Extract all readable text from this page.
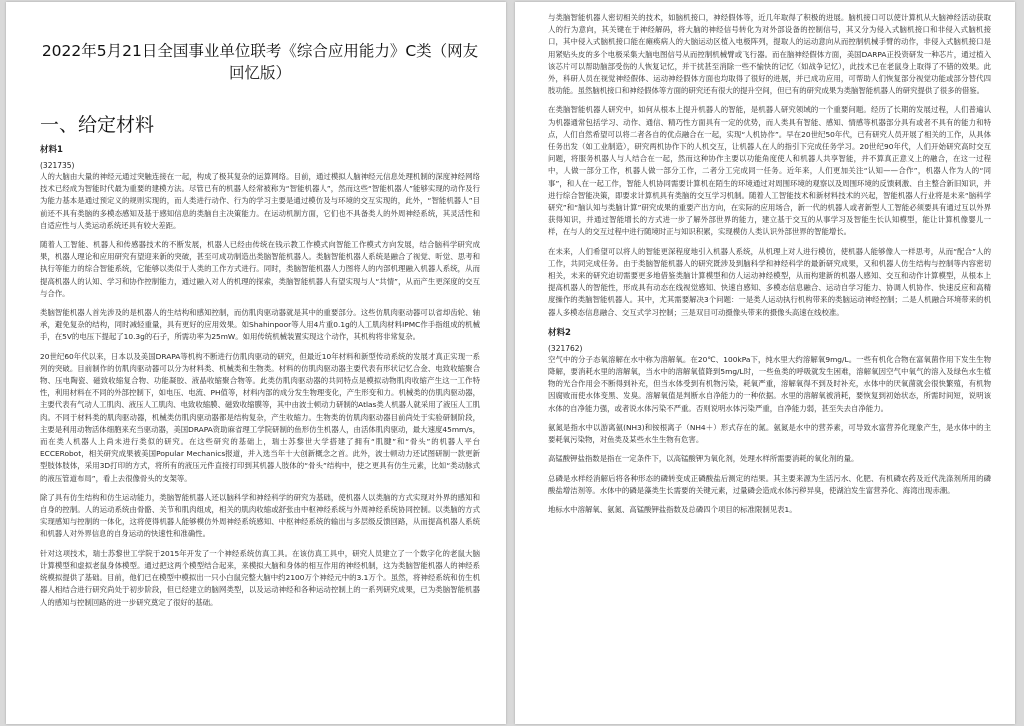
2022年5月21日全国事业单位联考《综合应用能力》C类（网友回忆版）
一、给定材料
材料1
(321735)

人的大脑由大量的神经元通过突触连接在一起，构成了极其复杂的运算网络。目前，通过模拟人脑神经元信息处理机制的深度神经网络技术已经成为智能时代最为重要的建模方法。尽管已有的机器人经常被称为“智能机器人”，然而这些“智能机器人”能够实现的动作及行为能力基本是通过预定义的规则实现的，而人类进行动作、行为的学习主要是通过模仿及与环境的交互实现的，此外，“智能机器人”目前还不具有类脑的多模态感知及基于感知信息的类脑自主决策能力。在运动机制方面，它们也不具备类人的外周神经系统，其灵活性和自适应性与人类运动系统还具有较大差距。

随着人工智能、机器人和传感器技术的不断发展，机器人已经由传统在钱示教工作模式向智能工作模式方向发展，结合脑科学研究成果，机器人理论和应用研究有望迎来新的突破，甚至可成功制造出类脑智能机器人。类脑智能机器人系统是融合了视觉、听觉、思考和执行等能力的综合智能系统，它能够以类似于人类的工作方式进行。同时，类脑智能机器人力图将人的内部机理融入机器人系统，从而提高机器人的认知、学习和协作控制能力，通过融入对人的机理的探索，类脑智能机器人有望实现与人“共情”，从而产生更深度的交互与合作。

类脑智能机器人首先涉及的是机器人的生结构和感知控制，而仿肌肉驱动器就是其中的重要部分。这些仿肌肉驱动器可以省却齿轮、轴承，避免复杂的结构，同时减轻重量，具有更好的应用效果。如Shahinpoor等人用4片重0.1g的人工肌肉材料IPMC作手指组成的机械手，在5V的电压下提起了10.3g的石子，所需功率为25mW。如用传统机械装置实现这个动作，其机构将非常复杂。

20世纪60年代以来，日本以及美国DRAPA等机构不断进行仿肌肉驱动的研究，但最近10年材料和新型传动系统的发展才真正实现一系列的突破。目前制作的仿肌肉驱动器可以分为材料类、机械类和生物类。材料的仿肌肉驱动器主要代表有形状记忆合金、电致收缩聚合物、压电陶瓷、磁致收缩复合物、功能凝胶、液晶收缩聚合物等。此类仿肌肉驱动器的共同特点是模拟动物肌肉收缩产生这一工作特性，利用材料在不同的外部控制下，如电压、电流、PH值等，材料内部的成分发生物理变化，产生形变和力。机械类的仿肌肉驱动器，主要代表有气动人工肌肉、液压人工肌肉、电致收缩膜、磁致收缩膜等，其中由波士顿动力研制的Atlas类人机器人就采用了液压人工肌肉。不同于材料类的肌肉驱动器，机械类仿肌肉驱动器都是结构复杂，产生收缩力。生物类的仿肌肉驱动器目前尚处于实验研制阶段，主要是利用动物活体细胞来充当驱动器，美国DRAPA资助麻省理工学院研制的鱼形仿生机器人，由活体肌肉驱动，最大速度45mm/s，而在类人机器人上尚未进行类似的研究。在这些研究的基础上，瑞士苏黎世大学搭建了拥有“肌腱”和“骨头”的机器人平台ECCERobot，相关研究成果被美国Popular Mechanics报道，并入选当年十大创新概念之首。此外，波士顿动力还试图研制一款更新型肢体肢体，采用3D打印的方式，将所有的液压元件直接打印到其机器人肢体的“骨头”结构中，使之更具有仿生元素，比如“类动脉式的液压管道布局”，看上去很像骨头的支架等。

除了具有仿生结构和仿生运动能力，类脑智能机器人还以脑科学和神经科学的研究为基础，使机器人以类脑的方式实现对外界的感知和自身的控制。人的运动系统由骨骼、关节和肌肉组成，相关的肌肉收缩或舒张由中枢神经系统与外周神经系统协同控制。以类脑的方式实现感知与控制的一体化，这将使得机器人能够模仿外周神经系统感知、中枢神经系统的输出与多层级反馈回路，从而提高机器人系统和机器人对外界信息的自身运动的快速性和准确性。

针对这项技术，瑞士苏黎世工学院于2015年开发了一个神经系统仿真工具。在该仿真工具中，研究人员建立了一个数字化的老鼠大脑计算模型和虚拟老鼠身体模型。通过把这两个模型结合起来，来模拟大脑和身体的相互作用的神经机制，这为类脑智能机器人的神经系统模拟提供了基础。目前，他们已在模型中模拟出一只小白鼠完整大脑中约2100万个神经元中的3.1万个。虽然，将神经系统和仿生机器人相结合进行研究尚处于初步阶段，但已经建立的脑网类型，以及运动神经和各种运动控制上的一系列研究成果，已为类脑智能机器人的感知与控制回路的进一步研究奠定了很好的基础。

与类脑智能机器人密切相关的技术，如脑机接口，神经假体等，近几年取得了积极的进展。脑机接口可以使计算机从大脑神经活动获取人的行为意向，其关键在于神经解码，将大脑的神经信号转化为对外部设备的控制信号，其又分为侵入式脑机接口和非侵入式脑机接口，其中侵入式脑机接口能在瘫痪病人的大脑运动区植入电极阵列，提取人的运动意向从而控制机械手臂的动作，非侵入式脑机接口是用紧贴头皮的多个电极采集大脑电图信号从而控制机械臂或飞行器。而在脑神经假体方面，美国DARPA正投资研发一种芯片，通过植入该芯片可以帮助脑部受伤的人恢复记忆，并干扰甚至消除一些不愉快的记忆（如战争记忆），此技术已在老鼠身上取得了不错的效果。此外，科研人员在视觉神经假体、运动神经假体方面也均取得了很好的进展，并已成功应用，可帮助人们恢复部分视觉功能或部分替代四肢功能。虽然脑机接口和神经假体等方面的研究还有很大的提升空间，但已有的研究成果为类脑智能机器人的研究提供了很多的借鉴。

在类脑智能机器人研究中，如何从根本上提升机器人的智能，是机器人研究领域的一个重要问题。经历了长期的发展过程，人们普遍认为机器通常包括学习、动作、通信、精巧性方面具有一定的优势，而人类具有智能、感知、情感等机器部分具有或者不具有的能力和特点，人们自然希望可以将二者各自的优点融合在一起，实现“人机协作”。早在20世纪50年代，已有研究人员开展了相关的工作，从具体任务出发（如工业制造），研究两机协作下的人机交互，让机器人在人的指引下完成任务学习。20世纪90年代，人们开始研究高时交互问题，将服务机器人与人结合在一起，然而这种协作主要以功能角度使人和机器人共享智能，并不算真正意义上的融合，在这一过程中，人做一部分工作，机器人做一部分工作，二者分工完成同一任务。近年来，人们更加关注“认知——合作”，机器人作为人的“同事”，和人在一起工作，智能人机协同需要计算机在陌生的环境通过对周围环境的观察以及周围环境的反馈刺激、自主整合新旧知识，并进行综合智能决策，即要求计算机具有类脑的交互学习机制。随着人工智能技术和新材料技术的兴起，智能机器人行业将是未来“脑科学研究”和“脑认知与类脑计算”研究成果的重要产出方向，在实际的应用场合，新一代的机器人或者新型人工智能必须要具有通过互以外界获得知识，并通过智能增长的方式进一步了解外部世界的能力，建立基于交互的从事学习及智能生长认知模型，能让计算机像婴儿一样，在与人的交互过程中进行随境时正与知识积累，实现模仿人类认识外部世界的智能增长。

在未来，人们希望可以将人的智能更深程度地引入机器人系统，从机理上对人进行模仿，使机器人能够像人一样思考，从而“配合”人的工作，共同完成任务。由于类脑智能机器人的研究既涉及到脑科学和神经科学的最新研究成果，又和机器人仿生结构与控制等内容密切相关，未来的研究迫切需要更多地借鉴类脑计算模型和仿人运动神经模型，从而构建新的机器人感知、交互和动作计算模型，从根本上提高机器人的智能性，形成具有动态在线视觉感知、快速自感知、多模态信息融合、运动自学习能力、协调人机协作、快速反应和高精度操作的类脑智能机器人。其中，尤其需要解决3个问题：一是类人运动执行机构带来的类脑运动神经控制；二是人机融合环境带来的机器人多模态信息融合、交互式学习控制；三是双目可动摄像头带来的摄像头高速在线校准。

材料2
(321762)

空气中的分子态氧溶解在水中称为溶解氧。在20℃、100kPa下，纯水里大约溶解氧9mg/L。一些有机化合物在富氧菌作用下发生生物降解，要消耗水里的溶解氧，当水中的溶解氧值降到5mg/L时，一些鱼类的呼吸就发生困难，溶解氧因空气中氧气的溶入及绿色水生植物的光合作用会不断得到补充，但当水体受到有机物污染，耗氧严重，溶解氧得不到及时补充，水体中的厌氧菌就会很快繁殖，有机物因腐败而使水体变黑、发臭。溶解氧值是判断水自净能力的一种依据。水里的溶解氧被消耗，要恢复到初始状态，所需时间短，说明该水体的自净能力强，或者说水体污染不严重。否则说明水体污染严重，自净能力弱，甚至失去自净能力。

氨氮是指水中以游离氨(NH3)和铵根离子（NH4＋）形式存在的氮。氨氮是水中的营养素，可导致水富营养化现象产生，是水体中的主要耗氧污染物，对鱼类及某些水生生物有危害。

高锰酸钾盐指数是指在一定条件下，以高锰酸钾为氧化剂，处理水样所需要消耗的氧化剂的量。

总磷是水样经消解后将各种形态的磷转变成正磷酸盐后测定的结果。其主要来源为生活污水、化肥、有机磷农药及近代洗涤剂所用的磷酸盐增洁剂等。水体中的磷是藻类生长需要的关键元素，过量磷会造成水体污秽异臭，使湖泊发生富营养化、海湾出现赤潮。

地标水中溶解氧、氨氮、高锰酸钾盐指数及总磷四个项目的标准限制见表1。
